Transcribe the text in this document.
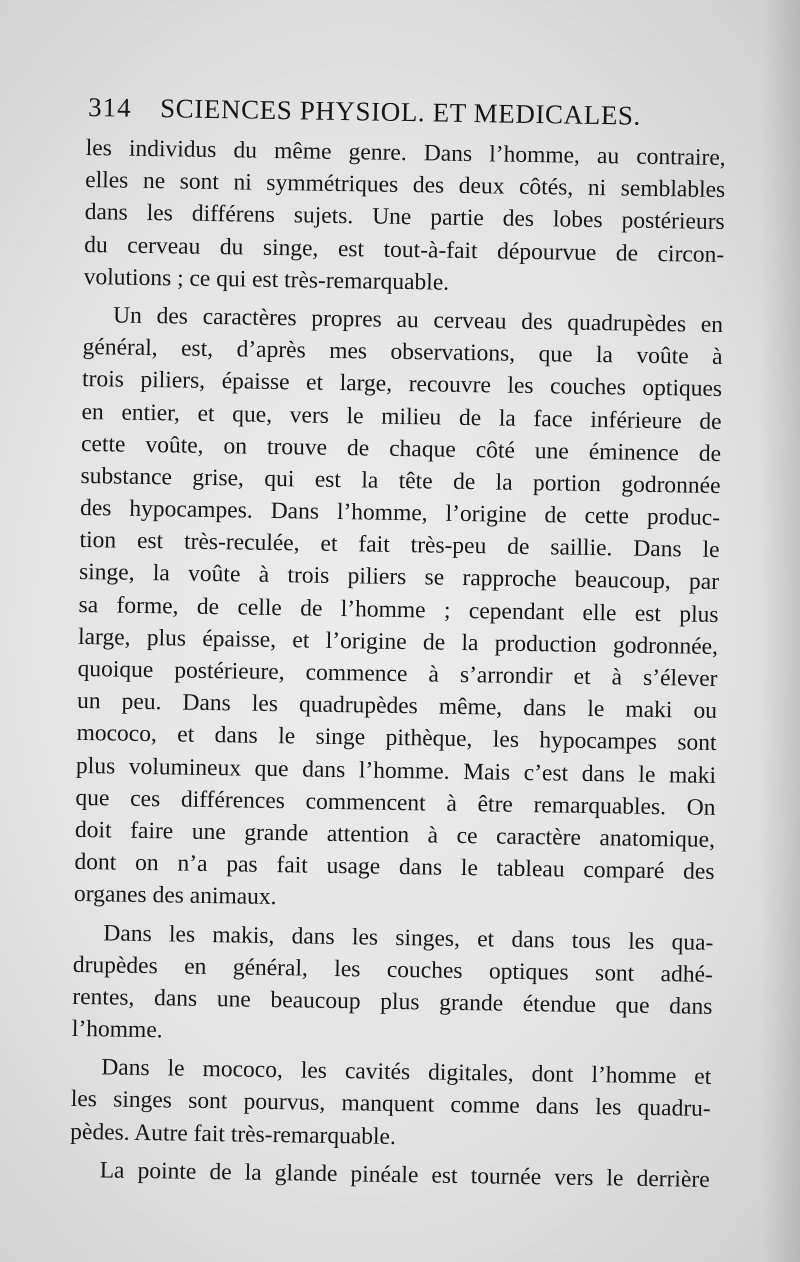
314 SCIENCES PHYSIOL. ET MEDICALES.
les individus du même genre. Dans l’homme, au contraire,
elles ne sont ni symmétriques des deux côtés, ni semblables
dans les différens sujets. Une partie des lobes postérieurs
du cerveau du singe, est tout-à-fait dépourvue de circon-
volutions ; ce qui est très-remarquable.
Un des caractères propres au cerveau des quadrupèdes en
général, est, d’après mes observations, que la voûte à
trois piliers, épaisse et large, recouvre les couches optiques
en entier, et que, vers le milieu de la face inférieure de
cette voûte, on trouve de chaque côté une éminence de
substance grise, qui est la tête de la portion godronnée
des hypocampes. Dans l’homme, l’origine de cette produc-
tion est très-reculée, et fait très-peu de saillie. Dans le
singe, la voûte à trois piliers se rapproche beaucoup, par
sa forme, de celle de l’homme ; cependant elle est plus
large, plus épaisse, et l’origine de la production godronnée,
quoique postérieure, commence à s’arrondir et à s’élever
un peu. Dans les quadrupèdes même, dans le maki ou
mococo, et dans le singe pithèque, les hypocampes sont
plus volumineux que dans l’homme. Mais c’est dans le maki
que ces différences commencent à être remarquables. On
doit faire une grande attention à ce caractère anatomique,
dont on n’a pas fait usage dans le tableau comparé des
organes des animaux.
Dans les makis, dans les singes, et dans tous les qua-
drupèdes en général, les couches optiques sont adhé-
rentes, dans une beaucoup plus grande étendue que dans
l’homme.
Dans le mococo, les cavités digitales, dont l’homme et
les singes sont pourvus, manquent comme dans les quadru-
pèdes. Autre fait très-remarquable.
La pointe de la glande pinéale est tournée vers le derrière
